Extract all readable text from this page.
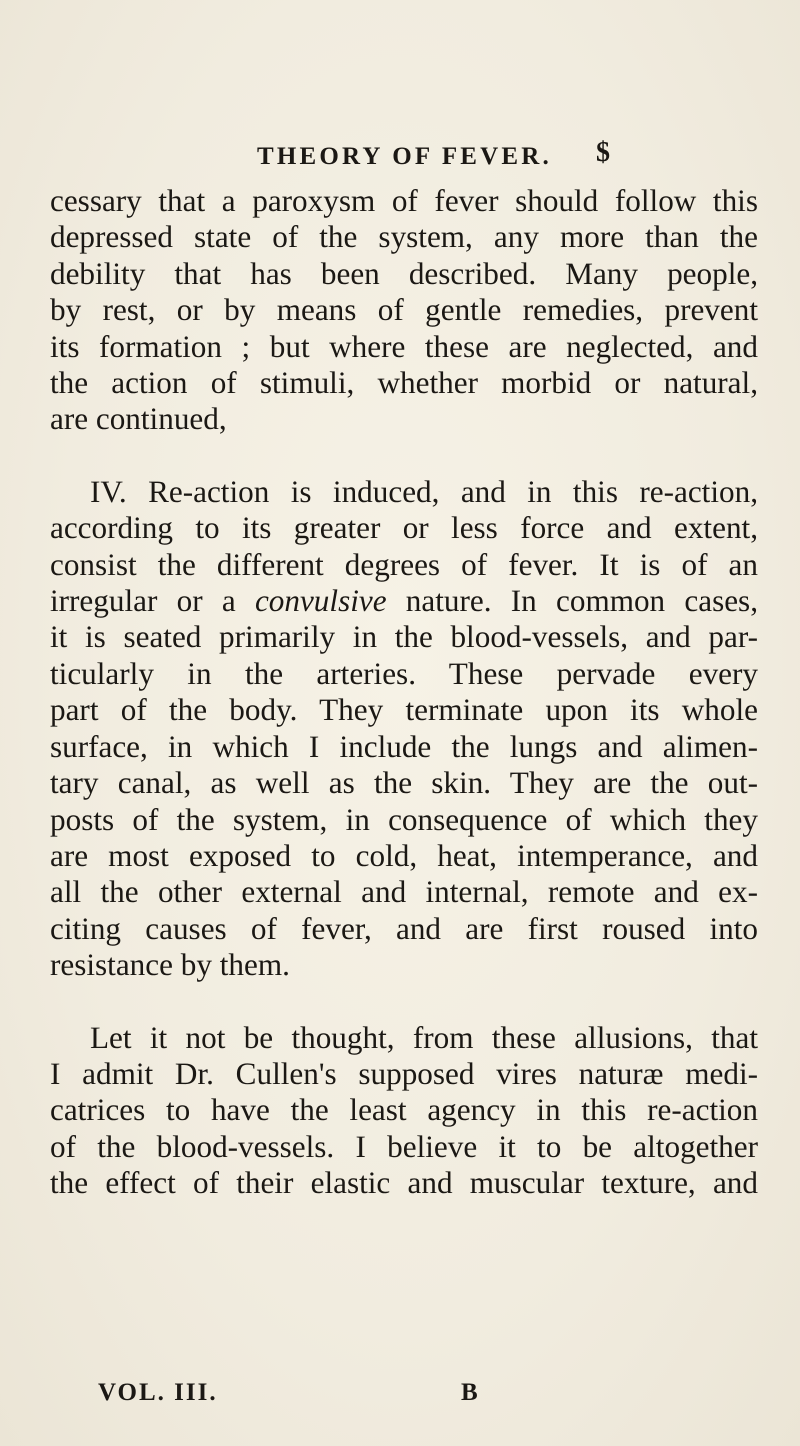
THEORY OF FEVER. $
cessary that a paroxysm of fever should follow this
depressed state of the system, any more than the
debility that has been described. Many people,
by rest, or by means of gentle remedies, prevent
its formation ; but where these are neglected, and
the action of stimuli, whether morbid or natural,
are continued,
IV. Re-action is induced, and in this re-action,
according to its greater or less force and extent,
consist the different degrees of fever. It is of an
irregular or a convulsive nature. In common cases,
it is seated primarily in the blood-vessels, and par-
ticularly in the arteries. These pervade every
part of the body. They terminate upon its whole
surface, in which I include the lungs and alimen-
tary canal, as well as the skin. They are the out-
posts of the system, in consequence of which they
are most exposed to cold, heat, intemperance, and
all the other external and internal, remote and ex-
citing causes of fever, and are first roused into
resistance by them.
Let it not be thought, from these allusions, that
I admit Dr. Cullen's supposed vires naturæ medi-
catrices to have the least agency in this re-action
of the blood-vessels. I believe it to be altogether
the effect of their elastic and muscular texture, and
VOL. III.	B
